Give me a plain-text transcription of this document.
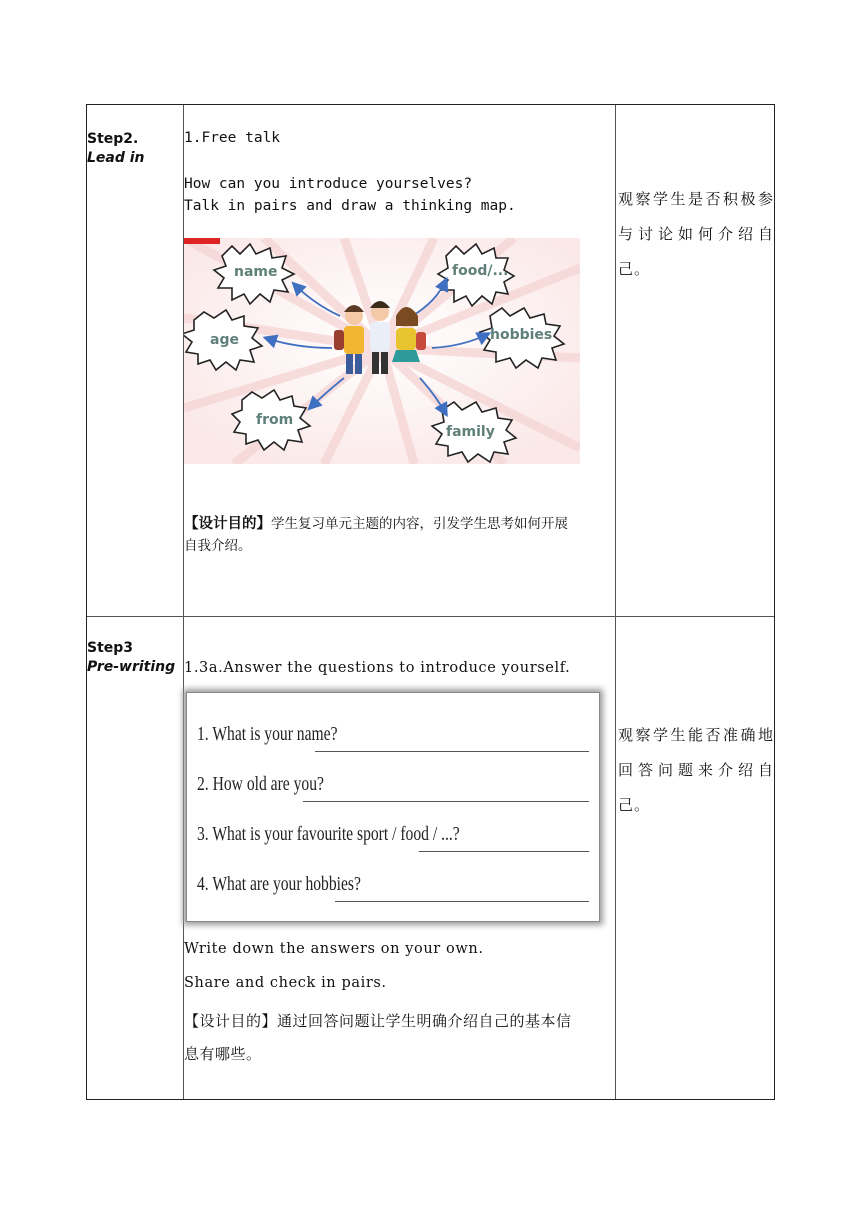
Step2.
Lead in
1.Free talk
How can you introduce yourselves?
Talk in pairs and draw a thinking map.
name	food/...
age	hobbies
from
family
【设计目的】学生复习单元主题的内容，引发学生思考如何开展
自我介绍。
观察学生是否积极参与讨论如何介绍自己。
Step3
Pre-writing 1.3a.Answer the questions to introduce yourself.
1. What is your name?
2. How old are you?
3. What is your favourite sport / food / ...?
4. What are your hobbies?
Write down the answers on your own.
Share and check in pairs.
【设计目的】通过回答问题让学生明确介绍自己的基本信
息有哪些。
观察学生能否准确地回答问题来介绍自己。
